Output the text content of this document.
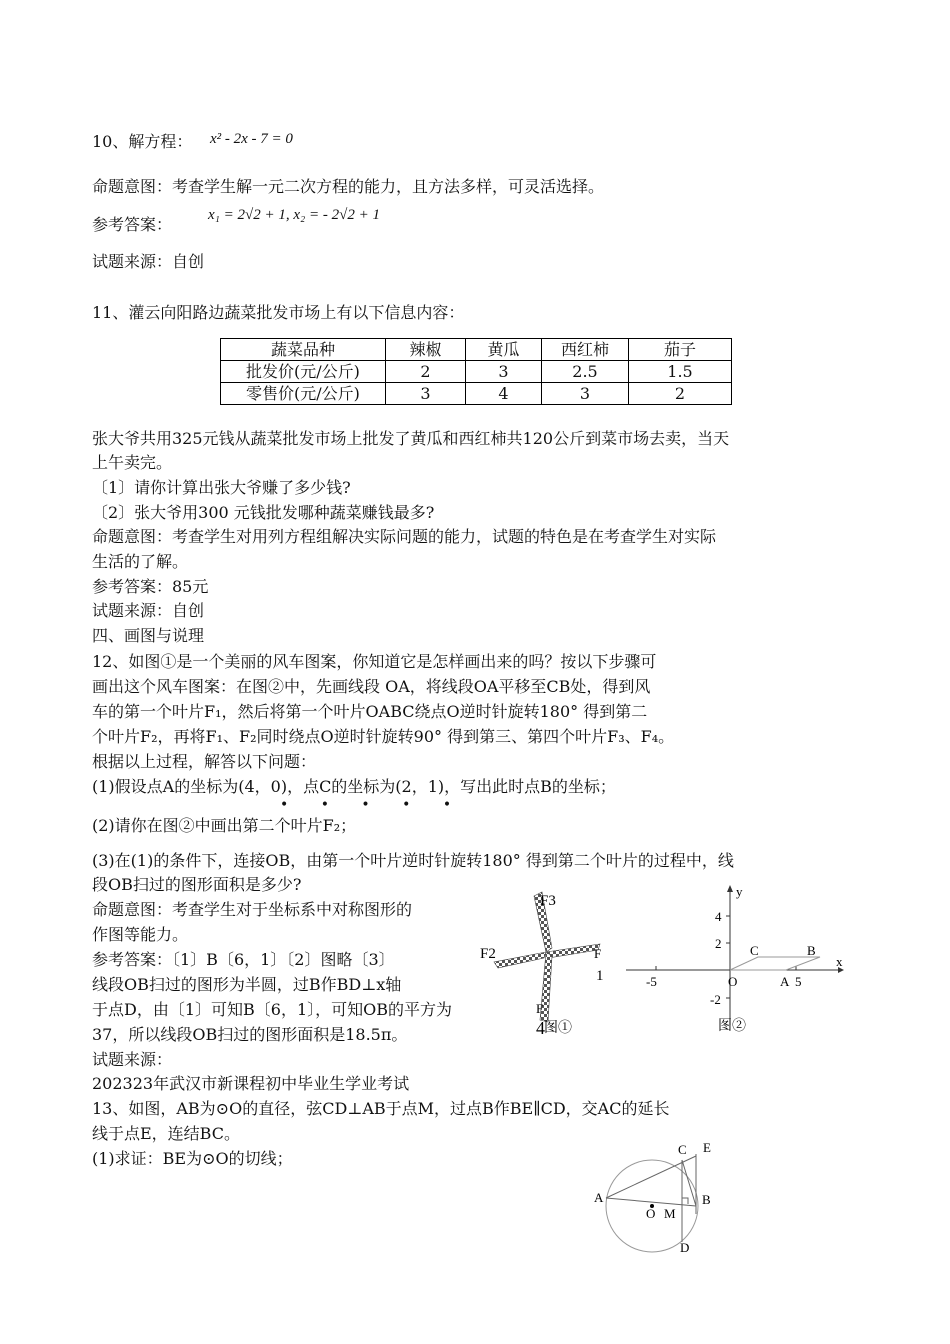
10、解方程： x² - 2x - 7 = 0
命题意图：考查学生解一元二次方程的能力，且方法多样，可灵活选择。
参考答案： x₁ = 2√2 + 1, x₂ = - 2√2 + 1
试题来源：自创
11、灌云向阳路边蔬菜批发市场上有以下信息内容：
蔬菜品种	辣椒	黄瓜	西红柿	茄子
批发价(元/公斤)	2	3	2.5	1.5
零售价(元/公斤)	3	4	3	2
张大爷共用325元钱从蔬菜批发市场上批发了黄瓜和西红柿共120公斤到菜市场去卖，当天
上午卖完。
〔1〕请你计算出张大爷赚了多少钱?
〔2〕张大爷用300 元钱批发哪种蔬菜赚钱最多?
命题意图：考查学生对用列方程组解决实际问题的能力，试题的特色是在考查学生对实际
生活的了解。
参考答案：85元
试题来源：自创
四、画图与说理
12、如图①是一个美丽的风车图案，你知道它是怎样画出来的吗？按以下步骤可
画出这个风车图案：在图②中，先画线段 OA，将线段OA平移至CB处，得到风
车的第一个叶片F₁，然后将第一个叶片OABC绕点O逆时针旋转180° 得到第二
个叶片F₂，再将F₁、F₂同时绕点O逆时针旋转90° 得到第三、第四个叶片F₃、F₄。
根据以上过程，解答以下问题：
(1)假设点A的坐标为(4，0)，点C的坐标为(2，1)，写出此时点B的坐标；
• • • • •
(2)请你在图②中画出第二个叶片F₂；
(3)在(1)的条件下，连接OB，由第一个叶片逆时针旋转180° 得到第二个叶片的过程中，线
段OB扫过的图形面积是多少?
命题意图：考查学生对于坐标系中对称图形的
作图等能力。
参考答案：〔1〕B〔6，1〕〔2〕图略〔3〕
线段OB扫过的图形为半圆，过B作BD⊥x轴
于点D，由〔1〕可知B〔6，1〕，可知OB的平方为
37，所以线段OB扫过的图形面积是18.5π。
试题来源：
202323年武汉市新课程初中毕业生学业考试
F3
F2	F
1
F
4 图①
y
x
4
2
-2
-5	O	A 5
C	B
图②
13、如图，AB为⊙O的直径，弦CD⊥AB于点M，过点B作BE∥CD，交AC的延长
线于点E，连结BC。
(1)求证：BE为⊙O的切线；	C E
A	B
O M
D
